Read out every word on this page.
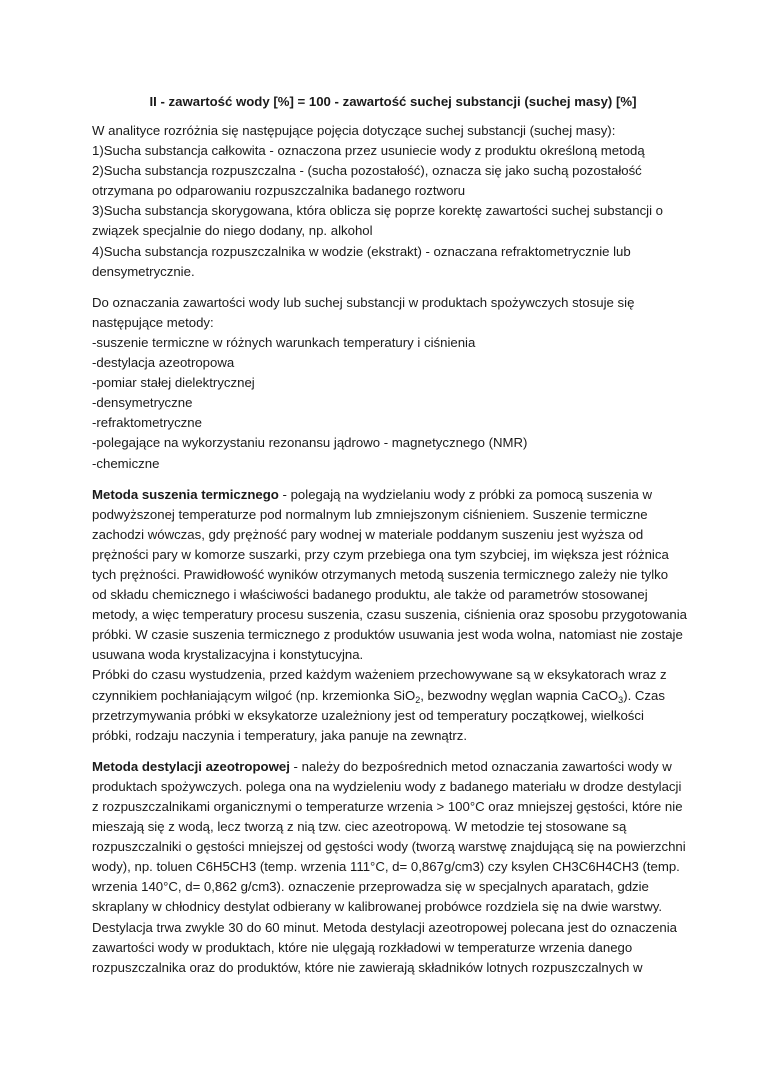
II - zawartość wody [%] = 100 - zawartość suchej substancji (suchej masy) [%]
W analityce rozróżnia się następujące pojęcia dotyczące suchej substancji (suchej masy):
1)Sucha substancja całkowita - oznaczona przez usuniecie wody z produktu określoną metodą
2)Sucha substancja rozpuszczalna - (sucha pozostałość), oznacza się jako suchą pozostałość
otrzymana po odparowaniu rozpuszczalnika badanego roztworu
3)Sucha substancja skorygowana, która oblicza się poprze korektę zawartości suchej substancji o
związek specjalnie do niego dodany, np. alkohol
4)Sucha substancja rozpuszczalnika w wodzie (ekstrakt) - oznaczana refraktometrycznie lub
densymetrycznie.
Do oznaczania zawartości wody lub suchej substancji w produktach spożywczych stosuje się
następujące metody:
-suszenie termiczne w różnych warunkach temperatury i ciśnienia
-destylacja azeotropowa
-pomiar stałej dielektrycznej
-densymetryczne
-refraktometryczne
-polegające na wykorzystaniu rezonansu jądrowo - magnetycznego (NMR)
-chemiczne
Metoda suszenia termicznego - polegają na wydzielaniu wody z próbki za pomocą suszenia w
podwyższonej temperaturze pod normalnym lub zmniejszonym ciśnieniem. Suszenie termiczne
zachodzi wówczas, gdy prężność pary wodnej w materiale poddanym suszeniu jest wyższa od
prężności pary w komorze suszarki, przy czym przebiega ona tym szybciej, im większa jest różnica
tych prężności. Prawidłowość wyników otrzymanych metodą suszenia termicznego zależy nie tylko
od składu chemicznego i właściwości badanego produktu, ale także od parametrów stosowanej
metody, a więc temperatury procesu suszenia, czasu suszenia, ciśnienia oraz sposobu przygotowania
próbki. W czasie suszenia termicznego z produktów usuwania jest woda wolna, natomiast nie zostaje
usuwana woda krystalizacyjna i konstytucyjna.
Próbki do czasu wystudzenia, przed każdym ważeniem przechowywane są w eksykatorach wraz z
czynnikiem pochłaniającym wilgoć (np. krzemionka SiO$_2$, bezwodny węglan wapnia CaCO$_3$). Czas
przetrzymywania próbki w eksykatorze uzależniony jest od temperatury początkowej, wielkości
próbki, rodzaju naczynia i temperatury, jaka panuje na zewnątrz.
Metoda destylacji azeotropowej - należy do bezpośrednich metod oznaczania zawartości wody w
produktach spożywczych. polega ona na wydzieleniu wody z badanego materiału w drodze destylacji
z rozpuszczalnikami organicznymi o temperaturze wrzenia > 100°C oraz mniejszej gęstości, które nie
mieszają się z wodą, lecz tworzą z nią tzw. ciec azeotropową. W metodzie tej stosowane są
rozpuszczalniki o gęstości mniejszej od gęstości wody (tworzą warstwę znajdującą się na powierzchni
wody), np. toluen C6H5CH3 (temp. wrzenia 111°C, d= 0,867g/cm3) czy ksylen CH3C6H4CH3 (temp.
wrzenia 140°C, d= 0,862 g/cm3). oznaczenie przeprowadza się w specjalnych aparatach, gdzie
skraplany w chłodnicy destylat odbierany w kalibrowanej probówce rozdziela się na dwie warstwy.
Destylacja trwa zwykle 30 do 60 minut. Metoda destylacji azeotropowej polecana jest do oznaczenia
zawartości wody w produktach, które nie ulęgają rozkładowi w temperaturze wrzenia danego
rozpuszczalnika oraz do produktów, które nie zawierają składników lotnych rozpuszczalnych w
